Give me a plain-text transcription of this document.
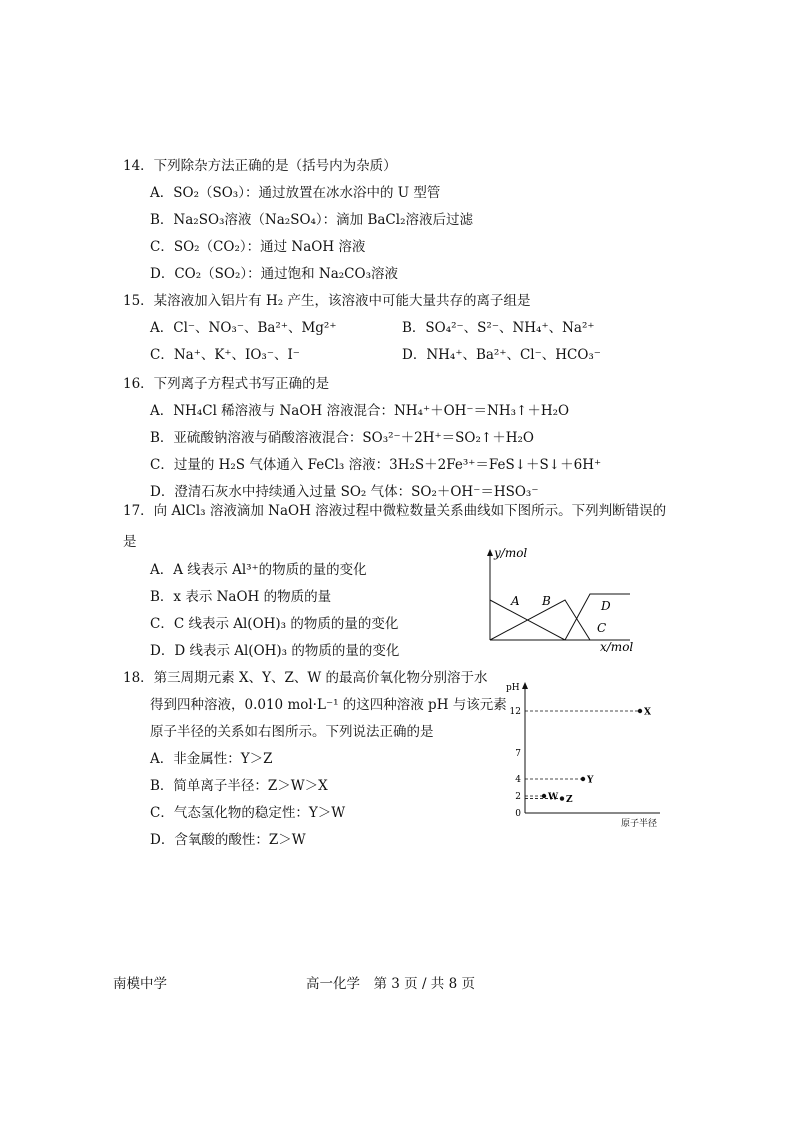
14．下列除杂方法正确的是（括号内为杂质）
A．SO₂（SO₃）：通过放置在冰水浴中的 U 型管
B．Na₂SO₃溶液（Na₂SO₄）：滴加 BaCl₂溶液后过滤
C．SO₂（CO₂）：通过 NaOH 溶液
D．CO₂（SO₂）：通过饱和 Na₂CO₃溶液
15．某溶液加入铝片有 H₂ 产生，该溶液中可能大量共存的离子组是
A．Cl⁻、NO₃⁻、Ba²⁺、Mg²⁺	B．SO₄²⁻、S²⁻、NH₄⁺、Na²⁺
C．Na⁺、K⁺、IO₃⁻、I⁻	D．NH₄⁺、Ba²⁺、Cl⁻、HCO₃⁻
16．下列离子方程式书写正确的是
A．NH₄Cl 稀溶液与 NaOH 溶液混合：NH₄⁺＋OH⁻＝NH₃↑＋H₂O
B．亚硫酸钠溶液与硝酸溶液混合：SO₃²⁻＋2H⁺＝SO₂↑＋H₂O
C．过量的 H₂S 气体通入 FeCl₃ 溶液：3H₂S＋2Fe³⁺＝FeS↓＋S↓＋6H⁺
D．澄清石灰水中持续通入过量 SO₂ 气体：SO₂＋OH⁻＝HSO₃⁻
17．向 AlCl₃ 溶液滴加 NaOH 溶液过程中微粒数量关系曲线如下图所示。下列判断错误的
是
A．A 线表示 Al³⁺的物质的量的变化
B．x 表示 NaOH 的物质的量
C．C 线表示 Al(OH)₃ 的物质的量的变化
D．D 线表示 Al(OH)₃ 的物质的量的变化
y/mol
x/mol
A B
C
D
18．第三周期元素 X、Y、Z、W 的最高价氧化物分别溶于水
得到四种溶液，0.010 mol·L⁻¹ 的这四种溶液 pH 与该元素
原子半径的关系如右图所示。下列说法正确的是
A．非金属性：Y＞Z
B．简单离子半径：Z＞W＞X
C．气态氢化物的稳定性：Y＞W
D．含氧酸的酸性：Z＞W
pH
原子半径
12
7
4
2
0
X
Y
W Z
南模中学	高一化学　第 3 页 / 共 8 页
